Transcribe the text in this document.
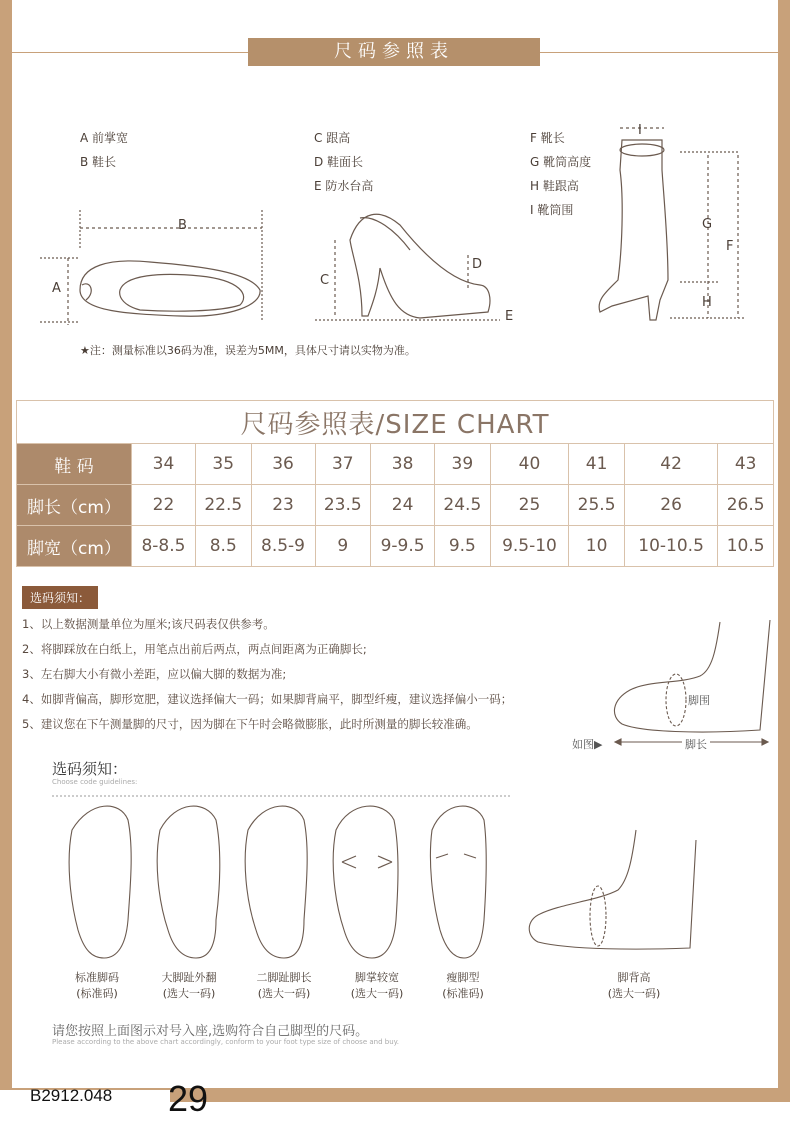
尺码参照表
A
B
C
D
E
I
G
F
H
A 前掌宽
B 鞋长
C 跟高
D 鞋面长
E 防水台高
F 靴长
G 靴筒高度
H 鞋跟高
I 靴筒围
★注：测量标准以36码为准，误差为5MM，具体尺寸请以实物为准。
尺码参照表/SIZE CHART										
鞋 码	34	35	36	37	38	39	40	41	42	43
脚长（cm）	22	22.5	23	23.5	24	24.5	25	25.5	26	26.5
脚宽（cm）	8-8.5	8.5	8.5-9	9	9-9.5	9.5	9.5-10	10	10-10.5	10.5
选码须知：
1、以上数据测量单位为厘米;该尺码表仅供参考。
2、将脚踩放在白纸上，用笔点出前后两点，两点间距离为正确脚长;
3、左右脚大小有微小差距，应以偏大脚的数据为准;
4、如脚背偏高，脚形宽肥，建议选择偏大一码；如果脚背扁平，脚型纤瘦，建议选择偏小一码；
5、建议您在下午测量脚的尺寸，因为脚在下午时会略微膨胀，此时所测量的脚长较准确。
脚围
脚长
如图▶
选码须知：
Choose code guidelines:
标准脚码
(标准码)
大脚趾外翻
(选大一码)
二脚趾脚长
(选大一码)
脚掌较宽
(选大一码)
瘦脚型
(标准码)
脚背高
(选大一码)
请您按照上面图示对号入座,选购符合自己脚型的尺码。
Please according to the above chart accordingly, conform to your foot type size of choose and buy.
B2912.048 29
